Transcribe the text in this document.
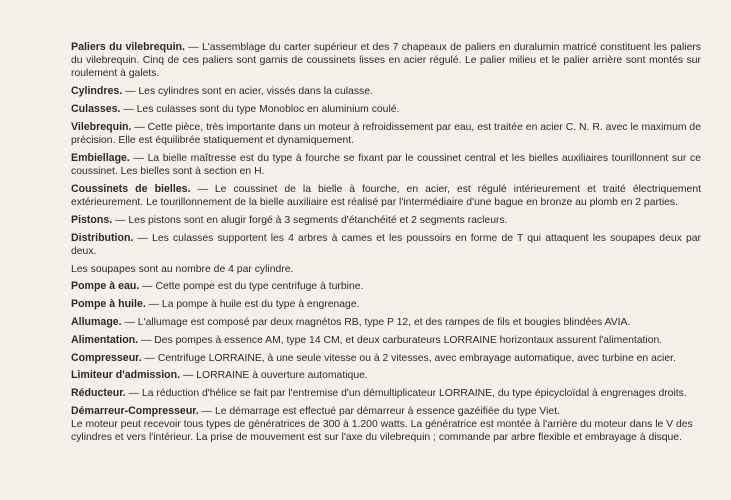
Paliers du vilebrequin. — L'assemblage du carter supérieur et des 7 chapeaux de paliers en duralumin matricé constituent les paliers du vilebrequin. Cinq de ces paliers sont garnis de coussinets lisses en acier régulé. Le palier milieu et le palier arrière sont montés sur roulement à galets.

Cylindres. — Les cylindres sont en acier, vissés dans la culasse.

Culasses. — Les culasses sont du type Monobloc en aluminium coulé.

Vilebrequin. — Cette pièce, très importante dans un moteur à refroidissement par eau, est traitée en acier C. N. R. avec le maximum de précision. Elle est équilibrée statiquement et dynamiquement.

Embiellage. — La bielle maîtresse est du type à fourche se fixant par le coussinet central et les bielles auxiliaires tourillonnent sur ce coussinet. Les bielles sont à section en H.

Coussinets de bielles. — Le coussinet de la bielle à fourche, en acier, est régulé intérieurement et traité électriquement extérieurement. Le tourillonnement de la bielle auxiliaire est réalisé par l'intermédiaire d'une bague en bronze au plomb en 2 parties.

Pistons. — Les pistons sont en alugir forgé à 3 segments d'étanchéité et 2 segments racleurs.

Distribution. — Les culasses supportent les 4 arbres à cames et les poussoirs en forme de T qui attaquent les soupapes deux par deux.

Les soupapes sont au nombre de 4 par cylindre.

Pompe à eau. — Cette pompe est du type centrifuge à turbine.

Pompe à huile. — La pompe à huile est du type à engrenage.

Allumage. — L'allumage est composé par deux magnétos RB, type P 12, et des rampes de fils et bougies blindées AVIA.

Alimentation. — Des pompes à essence AM, type 14 CM, et deux carburateurs LORRAINE horizontaux assurent l'alimentation.

Compresseur. — Centrifuge LORRAINE, à une seule vitesse ou à 2 vitesses, avec embrayage automatique, avec turbine en acier.

Limiteur d'admission. — LORRAINE à ouverture automatique.

Réducteur. — La réduction d'hélice se fait par l'entremise d'un démultiplicateur LORRAINE, du type épicycloïdal à engrenages droits.

Démarreur-Compresseur. — Le démarrage est effectué par démarreur à essence gazéifiée du type Viet.

Le moteur peut recevoir tous types de génératrices de 300 à 1.200 watts. La génératrice est montée à l'arrière du moteur dans le V des cylindres et vers l'intérieur. La prise de mouvement est sur l'axe du vilebrequin ; commande par arbre flexible et embrayage à disque.
